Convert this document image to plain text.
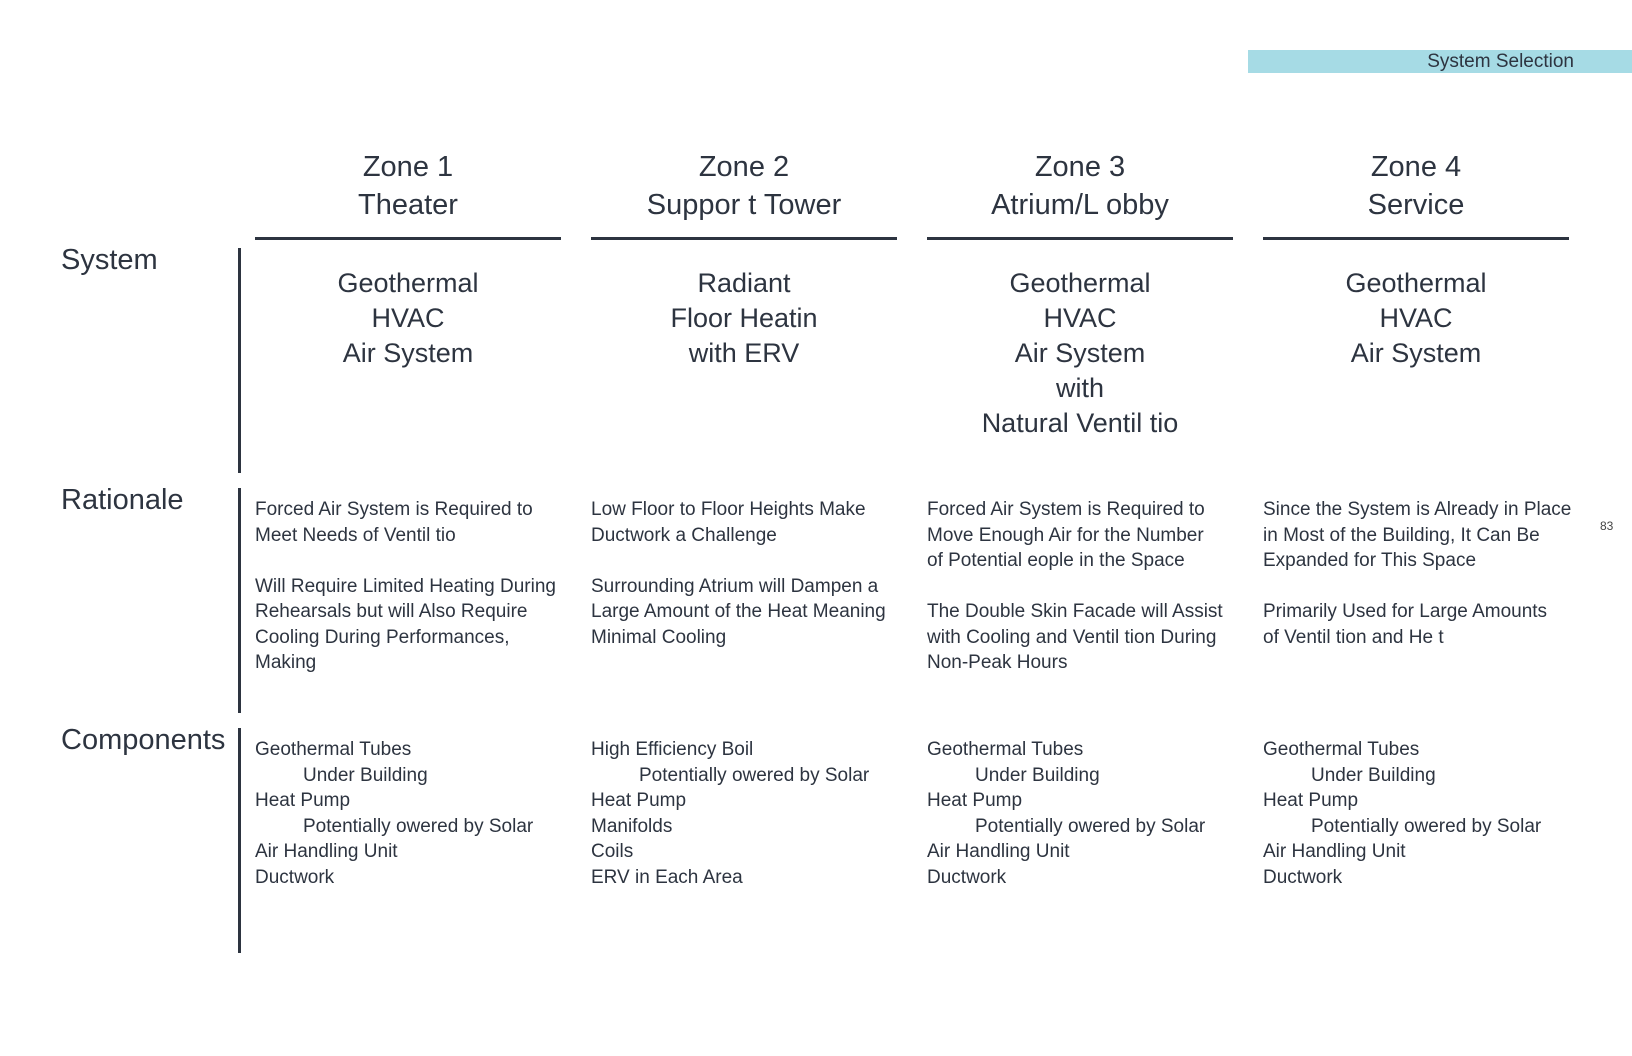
System Selection
83
System
Rationale
Components
Zone 1
Theater
Geothermal
HVAC
Air System
Forced Air System is Required to
Meet Needs of Ventil tio

Will Require Limited Heating During
Rehearsals but will Also Require
Cooling During Performances,
Making
Geothermal Tubes
Under Building
Heat Pump
Potentially owered by Solar
Air Handling Unit
Ductwork
Zone 2
Suppor t Tower
Radiant
Floor Heatin
with ERV
Low Floor to Floor Heights Make
Ductwork a Challenge

Surrounding Atrium will Dampen a
Large Amount of the Heat Meaning
Minimal Cooling
High Efficiency Boil
Potentially owered by Solar
Heat Pump
Manifolds
Coils
ERV in Each Area
Zone 3
Atrium/L obby
Geothermal
HVAC
Air System
with
Natural Ventil tio
Forced Air System is Required to
Move Enough Air for the Number
of Potential eople in the Space

The Double Skin Facade will Assist
with Cooling and Ventil tion During
Non-Peak Hours
Geothermal Tubes
Under Building
Heat Pump
Potentially owered by Solar
Air Handling Unit
Ductwork
Zone 4
Service
Geothermal
HVAC
Air System
Since the System is Already in Place
in Most of the Building, It Can Be
Expanded for This Space

Primarily Used for Large Amounts
of Ventil tion and He t
Geothermal Tubes
Under Building
Heat Pump
Potentially owered by Solar
Air Handling Unit
Ductwork
